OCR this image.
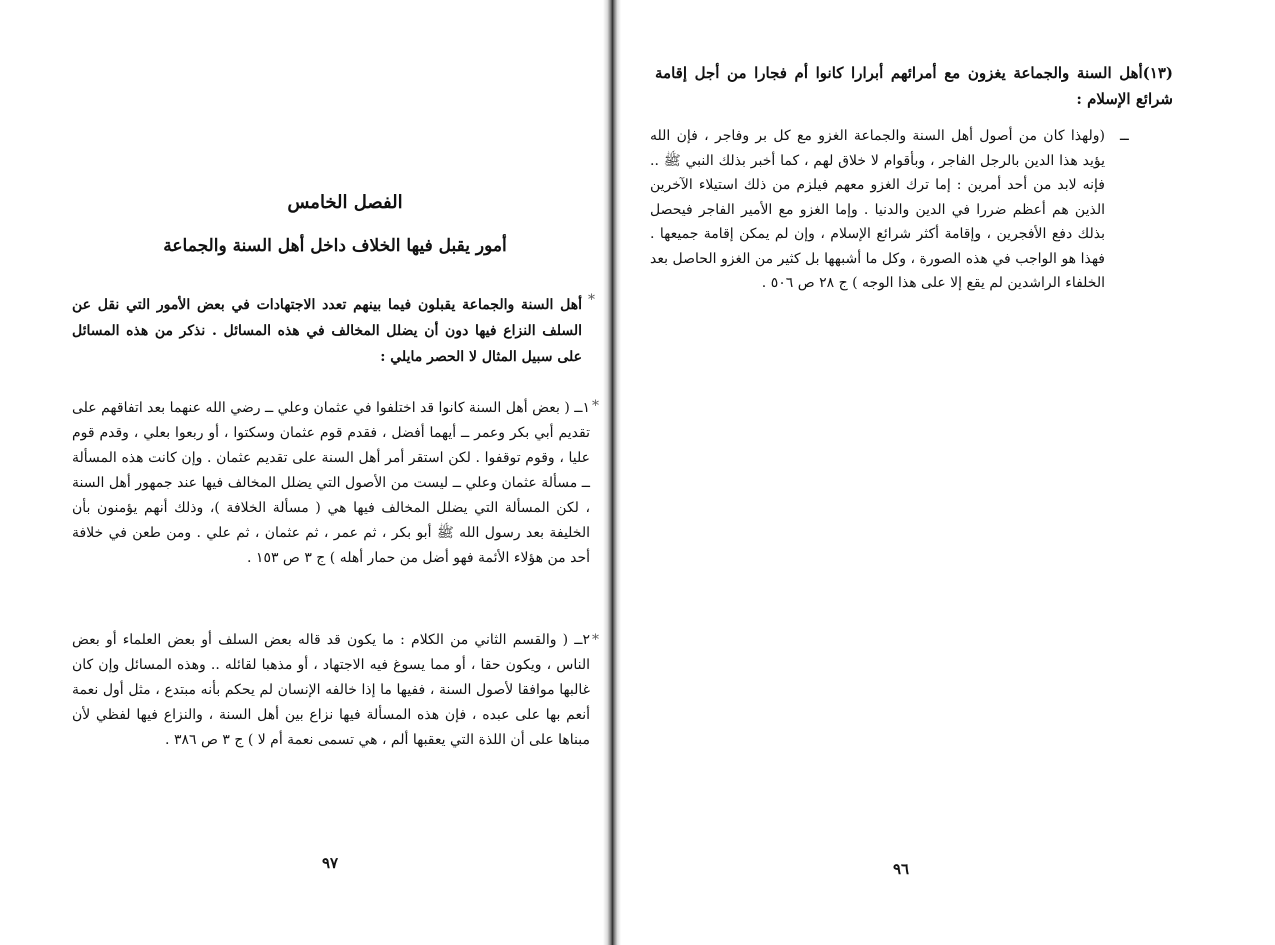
الفصل الخامس
أمور يقبل فيها الخلاف داخل أهل السنة والجماعة
*

أهل السنة والجماعة يقبلون فيما بينهم تعدد الاجتهادات في بعض الأمور التي نقل عن السلف النزاع فيها دون أن يضلل المخالف في هذه المسائل . نذكر من هذه المسائل على سبيل المثال لا الحصر مايلي :

*

١ــ ( بعض أهل السنة كانوا قد اختلفوا في عثمان وعلي ــ رضي الله عنهما بعد اتفاقهم على تقديم أبي بكر وعمر ــ أيهما أفضل ، فقدم قوم عثمان وسكتوا ، أو ربعوا بعلي ، وقدم قوم عليا ، وقوم توقفوا . لكن استقر أمر أهل السنة على تقديم عثمان . وإن كانت هذه المسألة ــ مسألة عثمان وعلي ــ ليست من الأصول التي يضلل المخالف فيها عند جمهور أهل السنة ، لكن المسألة التي يضلل المخالف فيها هي ( مسألة الخلافة )، وذلك أنهم يؤمنون بأن الخليفة بعد رسول الله ﷺ أبو بكر ، ثم عمر ، ثم عثمان ، ثم علي . ومن طعن في خلافة أحد من هؤلاء الأئمة فهو أضل من حمار أهله ) ج ٣ ص ١٥٣ .

*

٢ــ ( والقسم الثاني من الكلام : ما يكون قد قاله بعض السلف أو بعض العلماء أو بعض الناس ، ويكون حقا ، أو مما يسوغ فيه الاجتهاد ، أو مذهبا لقائله .. وهذه المسائل وإن كان غالبها موافقا لأصول السنة ، ففيها ما إذا خالفه الإنسان لم يحكم بأنه مبتدع ، مثل أول نعمة أنعم بها على عبده ، فإن هذه المسألة فيها نزاع بين أهل السنة ، والنزاع فيها لفظي لأن مبناها على أن اللذة التي يعقبها ألم ، هي تسمى نعمة أم لا ) ج ٣ ص ٣٨٦ .

٩٧

(١٣)أهل السنة والجماعة يغزون مع أمرائهم أبرارا كانوا أم فجارا من أجل إقامة شرائع الإسلام :

ــ

(ولهذا كان من أصول أهل السنة والجماعة الغزو مع كل بر وفاجر ، فإن الله يؤيد هذا الدين بالرجل الفاجر ، وبأقوام لا خلاق لهم ، كما أخبر بذلك النبي ﷺ .. فإنه لابد من أحد أمرين : إما ترك الغزو معهم فيلزم من ذلك استيلاء الآخرين الذين هم أعظم ضررا في الدين والدنيا . وإما الغزو مع الأمير الفاجر فيحصل بذلك دفع الأفجرين ، وإقامة أكثر شرائع الإسلام ، وإن لم يمكن إقامة جميعها . فهذا هو الواجب في هذه الصورة ، وكل ما أشبهها بل كثير من الغزو الحاصل بعد الخلفاء الراشدين لم يقع إلا على هذا الوجه ) ج ٢٨ ص ٥٠٦ .

٩٦
